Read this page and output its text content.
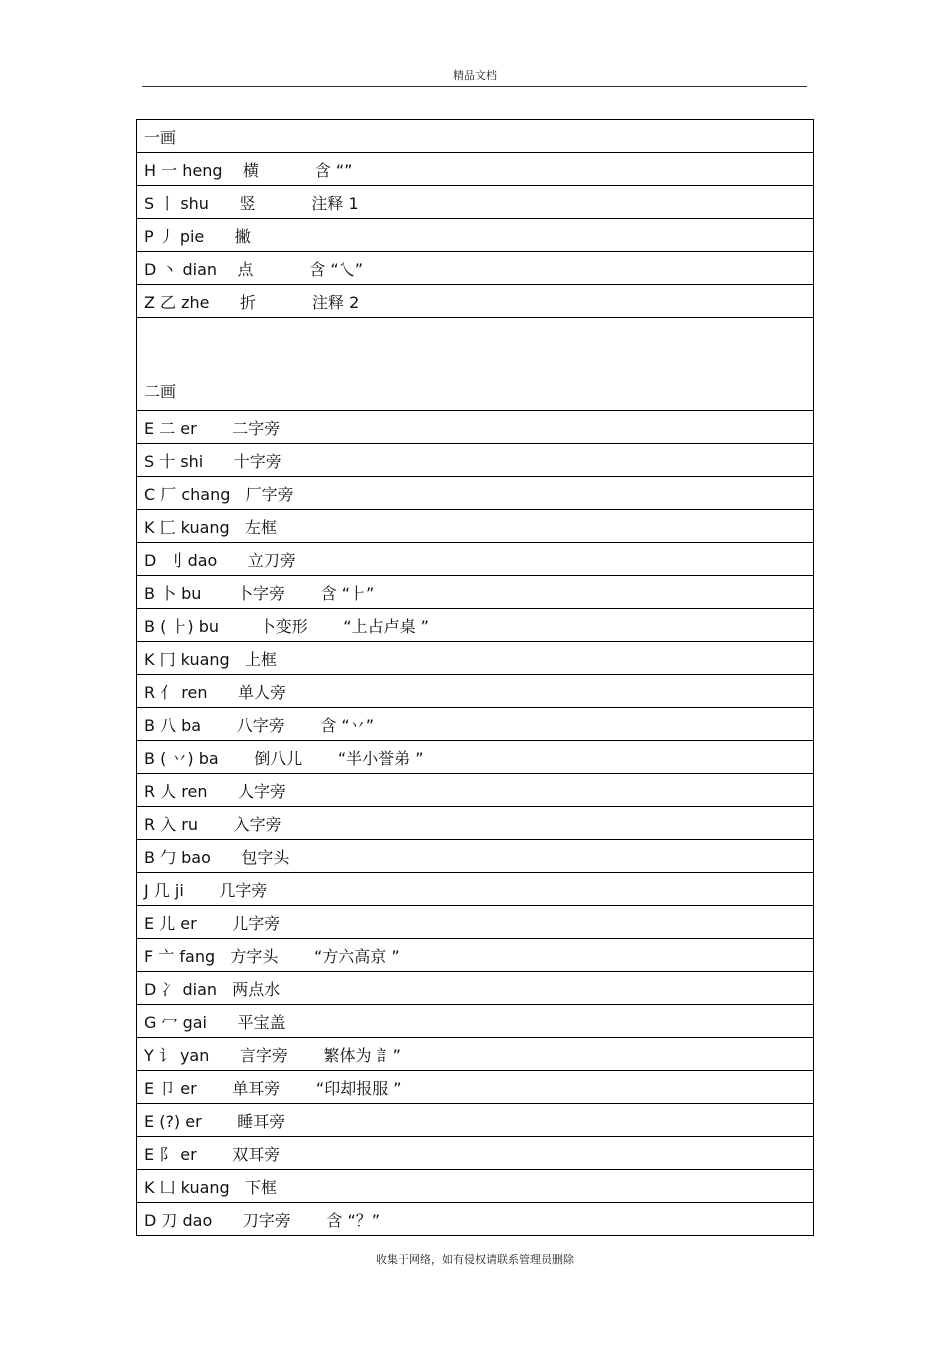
精品文档
一画
H 一 heng    横           含 “”
S 丨 shu      竖           注释 1
P 丿 pie      撇
D 丶 dian    点           含 “乀”
Z 乙 zhe      折           注释 2
二画
E 二 er       二字旁
S 十 shi      十字旁
C 厂 chang   厂字旁
K 匚 kuang   左框
D  刂 dao      立刀旁
B 卜 bu       卜字旁       含 “⺊”
B ( ⺊) bu        卜变形       “上占卢桌 ”
K 冂 kuang   上框
R 亻 ren      单人旁
B 八 ba       八字旁       含 “丷”
B ( 丷) ba       倒八儿       “半小誉弟 ”
R 人 ren      人字旁
R 入 ru       入字旁
B 勹 bao      包字头
J 几 ji       几字旁
E 儿 er       儿字旁
F 亠 fang   方字头       “方六高京 ”
D 冫 dian   两点水
G 冖 gai      平宝盖
Y 讠 yan      言字旁       繁体为 訁”
E 卩 er       单耳旁       “印却报服 ”
E (?) er       睡耳旁
E 阝 er       双耳旁
K 凵 kuang   下框
D 刀 dao      刀字旁       含 “？”
收集于网络，如有侵权请联系管理员删除
